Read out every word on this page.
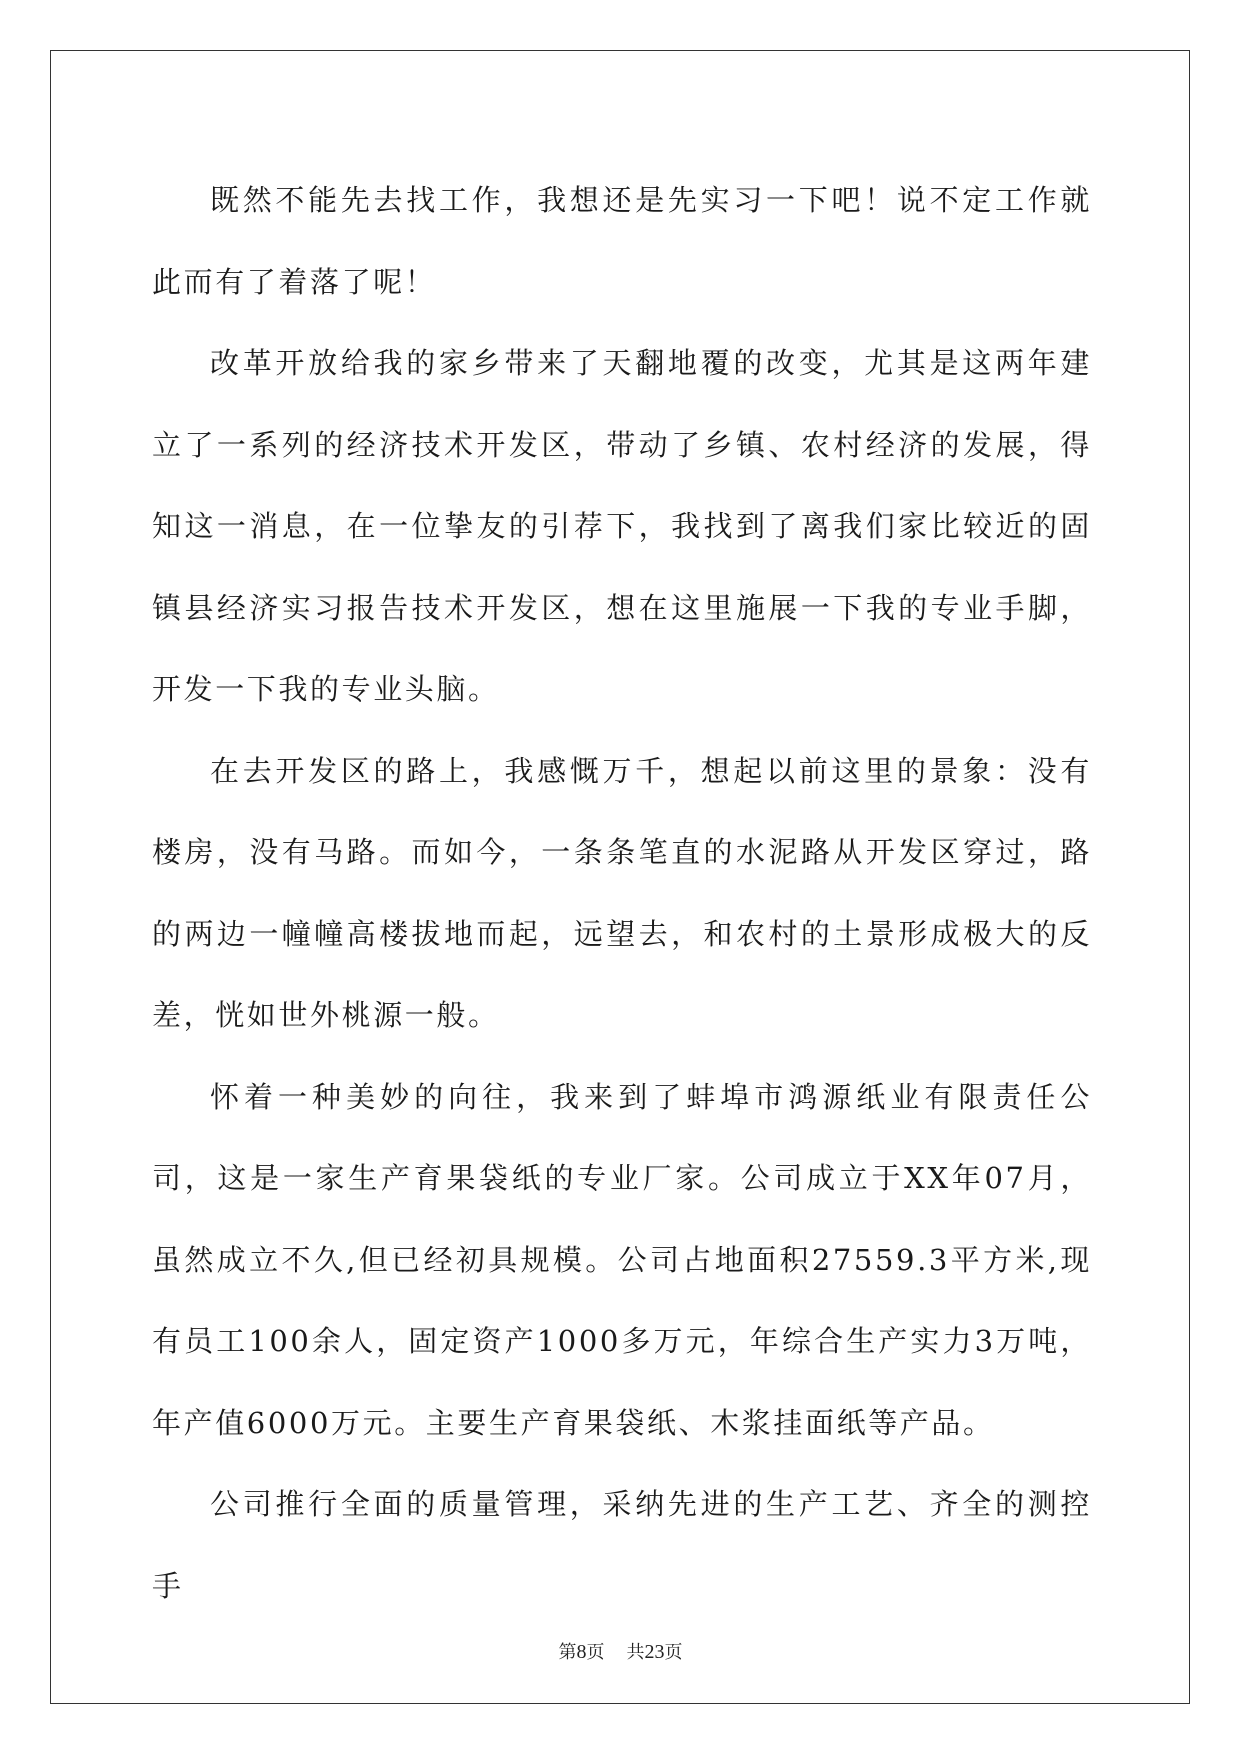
既然不能先去找工作，我想还是先实习一下吧！说不定工作就此而有了着落了呢！

改革开放给我的家乡带来了天翻地覆的改变，尤其是这两年建立了一系列的经济技术开发区，带动了乡镇、农村经济的发展，得知这一消息，在一位挚友的引荐下，我找到了离我们家比较近的固镇县经济实习报告技术开发区，想在这里施展一下我的专业手脚，开发一下我的专业头脑。

在去开发区的路上，我感慨万千，想起以前这里的景象：没有楼房，没有马路。而如今，一条条笔直的水泥路从开发区穿过，路的两边一幢幢高楼拔地而起，远望去，和农村的土景形成极大的反差，恍如世外桃源一般。

怀着一种美妙的向往，我来到了蚌埠市鸿源纸业有限责任公司，这是一家生产育果袋纸的专业厂家。公司成立于XX年07月，虽然成立不久,但已经初具规模。公司占地面积27559.3平方米,现有员工100余人，固定资产1000多万元，年综合生产实力3万吨，年产值6000万元。主要生产育果袋纸、木浆挂面纸等产品。

公司推行全面的质量管理，采纳先进的生产工艺、齐全的测控手

第8页 共23页
